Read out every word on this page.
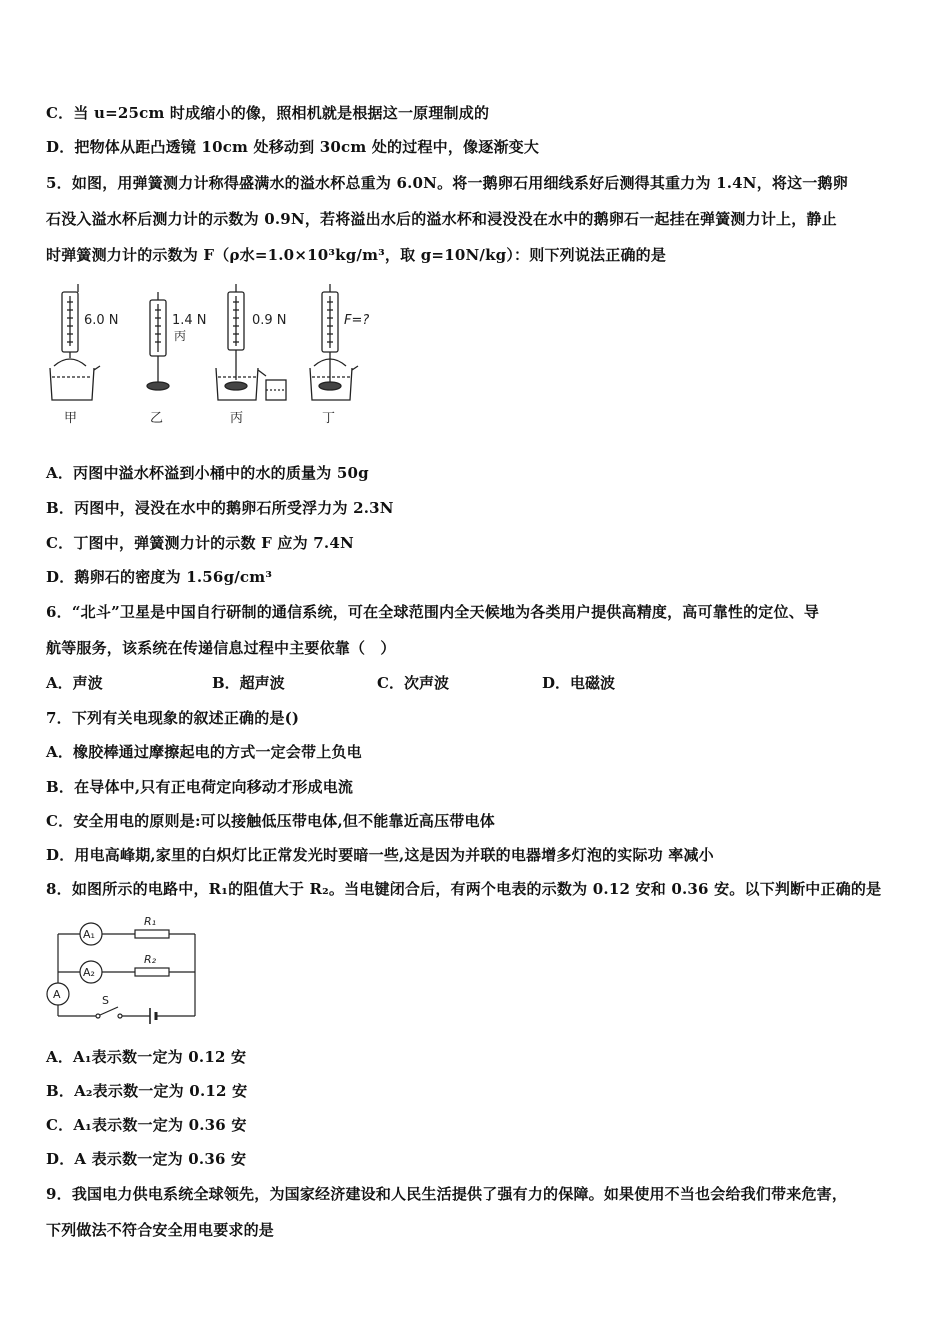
C．当 u=25cm 时成缩小的像，照相机就是根据这一原理制成的
D．把物体从距凸透镜 10cm 处移动到 30cm 处的过程中，像逐渐变大
5．如图，用弹簧测力计称得盛满水的溢水杯总重为 6.0N。将一鹅卵石用细线系好后测得其重力为 1.4N，将这一鹅卵
石没入溢水杯后测力计的示数为 0.9N，若将溢出水后的溢水杯和浸没没在水中的鹅卵石一起挂在弹簧测力计上，静止
时弹簧测力计的示数为 F（ρ水=1.0×10³kg/m³，取 g=10N/kg）：则下列说法正确的是
6.0 N	1.4 N
丙
0.9 N	F=?
甲	乙	丙	丁
A．丙图中溢水杯溢到小桶中的水的质量为 50g
B．丙图中，浸没在水中的鹅卵石所受浮力为 2.3N
C．丁图中，弹簧测力计的示数 F 应为 7.4N
D．鹅卵石的密度为 1.56g/cm³
6．“北斗”卫星是中国自行研制的通信系统，可在全球范围内全天候地为各类用户提供高精度，高可靠性的定位、导
航等服务，该系统在传递信息过程中主要依靠（　）
A．声波	B．超声波	C．次声波	D．电磁波
7．下列有关电现象的叙述正确的是()
A．橡胶棒通过摩擦起电的方式一定会带上负电
B．在导体中,只有正电荷定向移动才形成电流
C．安全用电的原则是:可以接触低压带电体,但不能靠近高压带电体
D．用电高峰期,家里的白炽灯比正常发光时要暗一些,这是因为并联的电器增多灯泡的实际功 率减小
8．如图所示的电路中，R₁的阻值大于 R₂。当电键闭合后，有两个电表的示数为 0.12 安和 0.36 安。以下判断中正确的是
A₁
A₂
A
R₁
R₂
S
A．A₁表示数一定为 0.12 安
B．A₂表示数一定为 0.12 安
C．A₁表示数一定为 0.36 安
D．A 表示数一定为 0.36 安
9．我国电力供电系统全球领先，为国家经济建设和人民生活提供了强有力的保障。如果使用不当也会给我们带来危害，
下列做法不符合安全用电要求的是
